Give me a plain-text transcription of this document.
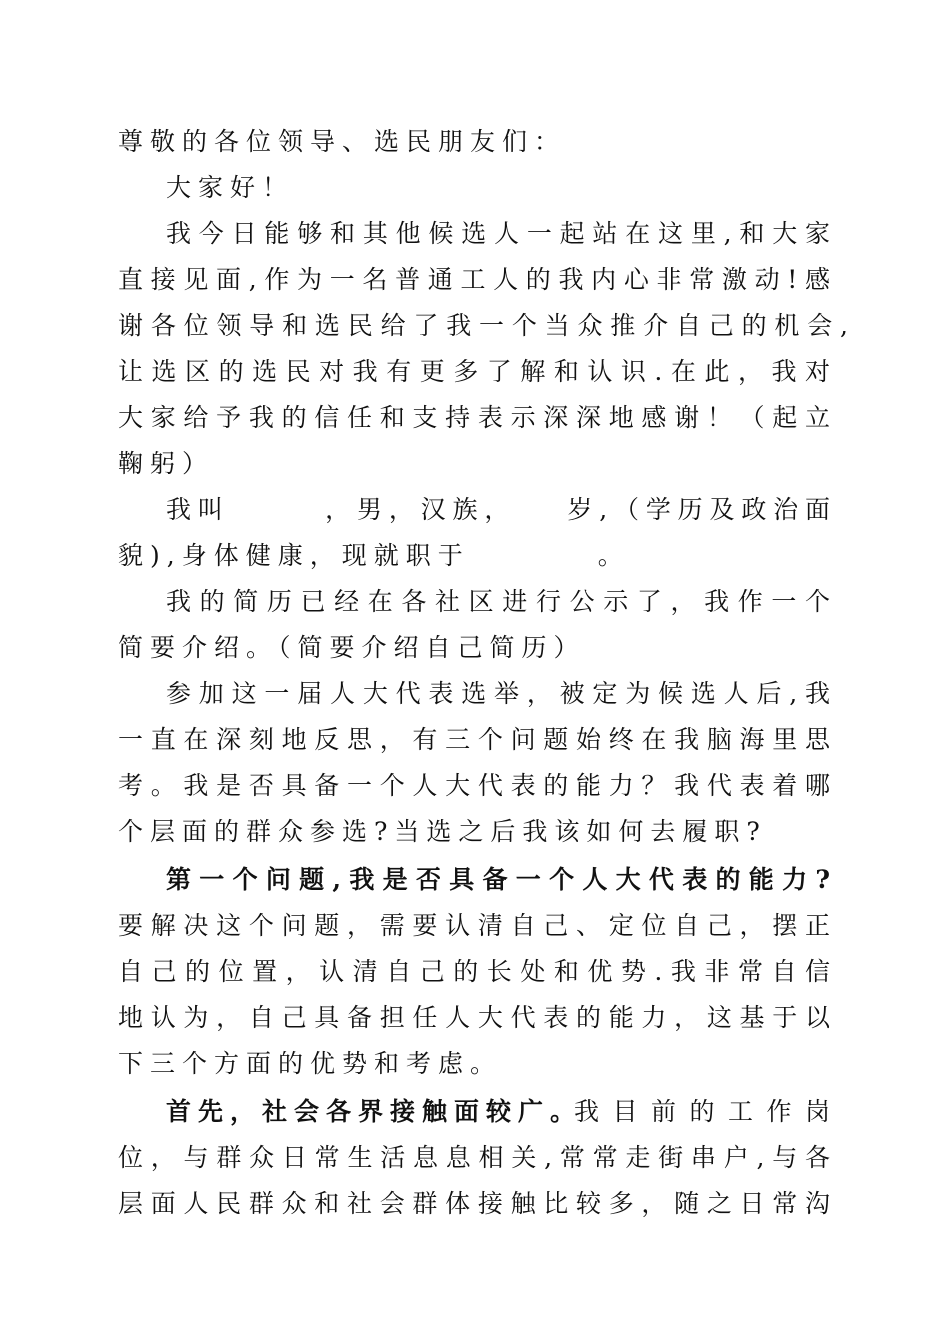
尊敬的各位领导、选民朋友们：
大家好！
我今日能够和其他候选人一起站在这里,和大家
直接见面,作为一名普通工人的我内心非常激动!感
谢各位领导和选民给了我一个当众推介自己的机会,
让选区的选民对我有更多了解和认识.在此，我对
大家给予我的信任和支持表示深深地感谢！（起立
鞠躬）
我叫　　　，男，汉族，　　岁,（学历及政治面
貌),身体健康，现就职于　　　　。
我的简历已经在各社区进行公示了，我作一个
简要介绍。（简要介绍自己简历）
参加这一届人大代表选举，被定为候选人后,我
一直在深刻地反思，有三个问题始终在我脑海里思
考。我是否具备一个人大代表的能力？我代表着哪
个层面的群众参选?当选之后我该如何去履职?
第一个问题,我是否具备一个人大代表的能力?
要解决这个问题，需要认清自己、定位自己，摆正
自己的位置，认清自己的长处和优势.我非常自信
地认为，自己具备担任人大代表的能力，这基于以
下三个方面的优势和考虑。
首先，社会各界接触面较广。
我目前的工作岗
位，与群众日常生活息息相关,常常走街串户,与各
层面人民群众和社会群体接触比较多，随之日常沟
